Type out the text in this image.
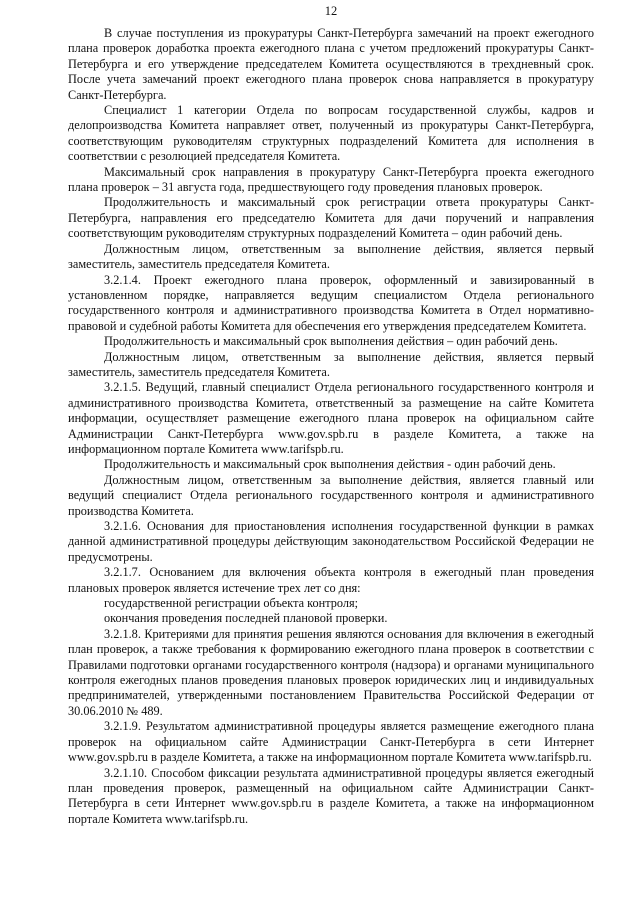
12

В случае поступления из прокуратуры Санкт-Петербурга замечаний на проект ежегодного плана проверок доработка проекта ежегодного плана с учетом предложений прокуратуры Санкт-Петербурга и его утверждение председателем Комитета осуществляются в трехдневный срок. После учета замечаний проект ежегодного плана проверок снова направляется в прокуратуру Санкт-Петербурга.

Специалист 1 категории Отдела по вопросам государственной службы, кадров и делопроизводства Комитета направляет ответ, полученный из прокуратуры Санкт-Петербурга, соответствующим руководителям структурных подразделений Комитета для исполнения в соответствии с резолюцией председателя Комитета.

Максимальный срок направления в прокуратуру Санкт-Петербурга проекта ежегодного плана проверок – 31 августа года, предшествующего году проведения плановых проверок.

Продолжительность и максимальный срок регистрации ответа прокуратуры Санкт-Петербурга, направления его председателю Комитета для дачи поручений и направления соответствующим руководителям структурных подразделений Комитета – один рабочий день.

Должностным лицом, ответственным за выполнение действия, является первый заместитель, заместитель председателя Комитета.

3.2.1.4. Проект ежегодного плана проверок, оформленный и завизированный в установленном порядке, направляется ведущим специалистом Отдела регионального государственного контроля и административного производства Комитета в Отдел нормативно-правовой и судебной работы Комитета для обеспечения его утверждения председателем Комитета.

Продолжительность и максимальный срок выполнения действия – один рабочий день.

Должностным лицом, ответственным за выполнение действия, является первый заместитель, заместитель председателя Комитета.

3.2.1.5. Ведущий, главный специалист Отдела регионального государственного контроля и административного производства Комитета, ответственный за размещение на сайте Комитета информации, осуществляет размещение ежегодного плана проверок на официальном сайте Администрации Санкт-Петербурга www.gov.spb.ru в разделе Комитета, а также на информационном портале Комитета www.tarifspb.ru.

Продолжительность и максимальный срок выполнения действия - один рабочий день.

Должностным лицом, ответственным за выполнение действия, является главный или ведущий специалист Отдела регионального государственного контроля и административного производства Комитета.

3.2.1.6. Основания для приостановления исполнения государственной функции в рамках данной административной процедуры действующим законодательством Российской Федерации не предусмотрены.

3.2.1.7. Основанием для включения объекта контроля в ежегодный план проведения плановых проверок является истечение трех лет со дня:

государственной регистрации объекта контроля;

окончания проведения последней плановой проверки.

3.2.1.8. Критериями для принятия решения являются основания для включения в ежегодный план проверок, а также требования к формированию ежегодного плана проверок в соответствии с Правилами подготовки органами государственного контроля (надзора) и органами муниципального контроля ежегодных планов проведения плановых проверок юридических лиц и индивидуальных предпринимателей, утвержденными постановлением Правительства Российской Федерации от 30.06.2010 № 489.

3.2.1.9. Результатом административной процедуры является размещение ежегодного плана проверок на официальном сайте Администрации Санкт-Петербурга в сети Интернет www.gov.spb.ru в разделе Комитета, а также на информационном портале Комитета www.tarifspb.ru.

3.2.1.10. Способом фиксации результата административной процедуры является ежегодный план проведения проверок, размещенный на официальном сайте Администрации Санкт-Петербурга в сети Интернет www.gov.spb.ru в разделе Комитета, а также на информационном портале Комитета www.tarifspb.ru.
